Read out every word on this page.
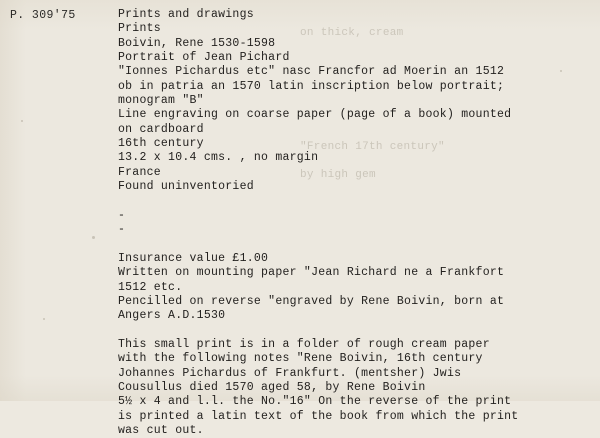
on thick, cream
"French 17th century"
by high gem
P. 309'75	Prints and drawings
Prints
Boivin, Rene 1530-1598
Portrait of Jean Pichard
"Ionnes Pichardus etc" nasc Francfor ad Moerin an 1512
ob in patria an 1570 latin inscription below portrait;
monogram "B"
Line engraving on coarse paper (page of a book) mounted
on cardboard
16th century
13.2 x 10.4 cms. , no margin
France
Found uninventoried
-
-
Insurance value £1.00
Written on mounting paper "Jean Richard ne a Frankfort
1512 etc.
Pencilled on reverse "engraved by Rene Boivin, born at
Angers A.D.1530
This small print is in a folder of rough cream paper
with the following notes "Rene Boivin, 16th century
Johannes Pichardus of Frankfurt. (mentsher) Jwis
Cousullus died 1570 aged 58, by Rene Boivin
5½ x 4 and l.l. the No."16" On the reverse of the print
is printed a latin text of the book from which the print
was cut out.
